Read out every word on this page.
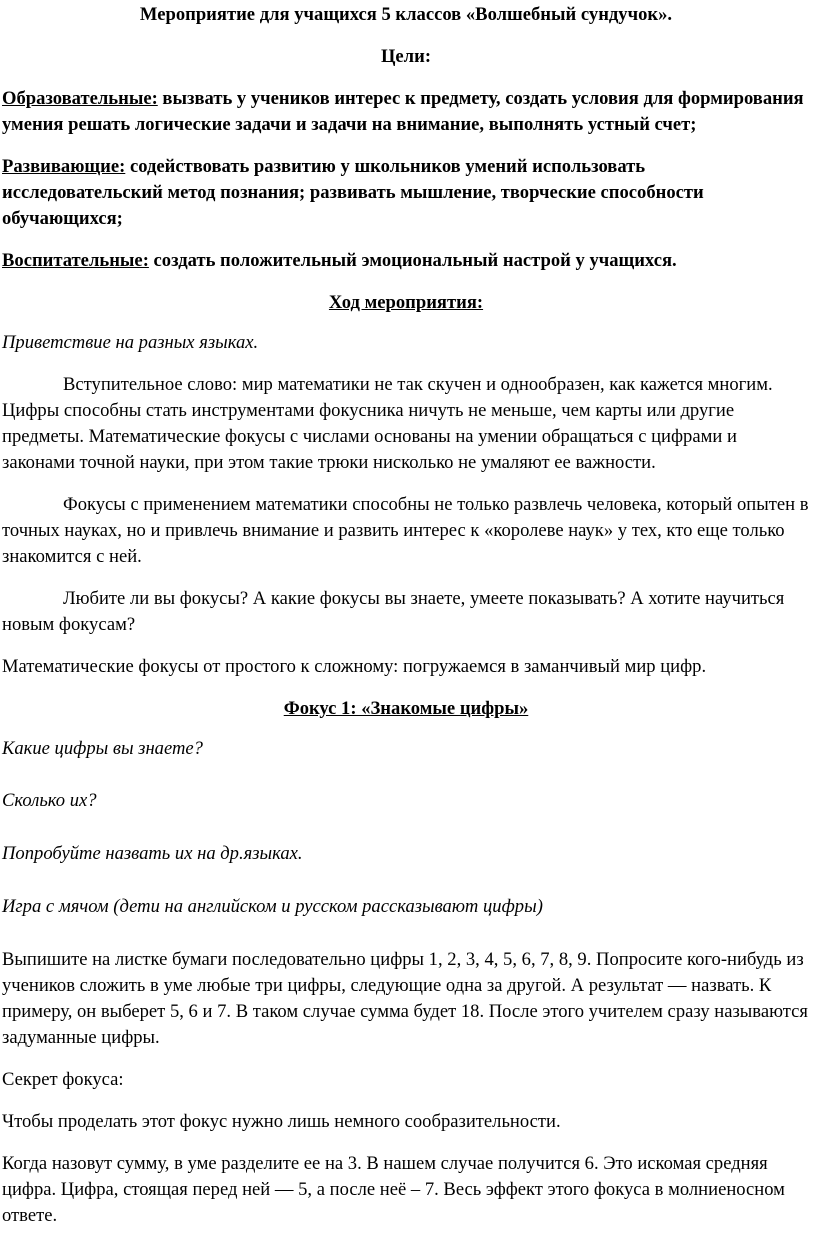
Мероприятие для учащихся 5 классов «Волшебный сундучок».

Цели:

Образовательные: вызвать у учеников интерес к предмету, создать условия для формирования умения решать логические задачи и задачи на внимание, выполнять устный счет;

Развивающие: содействовать развитию у школьников умений использовать исследовательский метод познания; развивать мышление, творческие способности обучающихся;

Воспитательные: создать положительный эмоциональный настрой у учащихся.

Ход мероприятия:

Приветствие на разных языках.

Вступительное слово: мир математики не так скучен и однообразен, как кажется многим. Цифры способны стать инструментами фокусника ничуть не меньше, чем карты или другие предметы. Математические фокусы с числами основаны на умении обращаться с цифрами и законами точной науки, при этом такие трюки нисколько не умаляют ее важности.

Фокусы с применением математики способны не только развлечь человека, который опытен в точных науках, но и привлечь внимание и развить интерес к «королеве наук» у тех, кто еще только знакомится с ней.

Любите ли вы фокусы? А какие фокусы вы знаете, умеете показывать? А хотите научиться новым фокусам?

Математические фокусы от простого к сложному: погружаемся в заманчивый мир цифр.

Фокус 1: «Знакомые цифры»

Какие цифры вы знаете?

Сколько их?

Попробуйте назвать их на др.языках.

Игра с мячом (дети на английском и русском рассказывают цифры)

Выпишите на листке бумаги последовательно цифры 1, 2, 3, 4, 5, 6, 7, 8, 9. Попросите кого-нибудь из учеников сложить в уме любые три цифры, следующие одна за другой. А результат — назвать. К примеру, он выберет 5, 6 и 7. В таком случае сумма будет 18. После этого учителем сразу называются задуманные цифры.

Секрет фокуса:

Чтобы проделать этот фокус нужно лишь немного сообразительности.

Когда назовут сумму, в уме разделите ее на 3. В нашем случае получится 6. Это искомая средняя цифра. Цифра, стоящая перед ней — 5, а после неё – 7. Весь эффект этого фокуса в молниеносном ответе.
